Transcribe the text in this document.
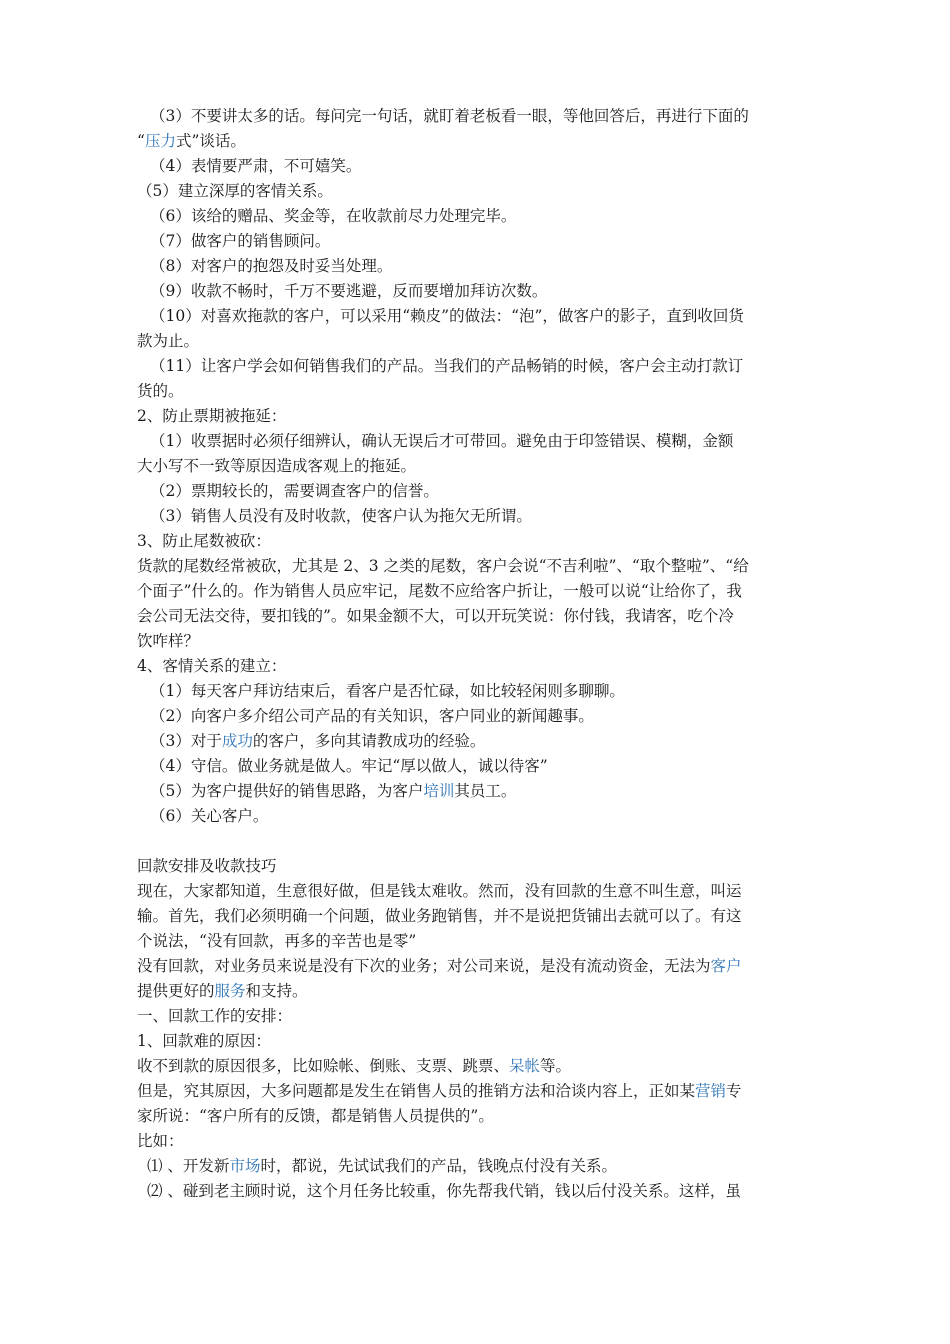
（3）不要讲太多的话。每问完一句话，就盯着老板看一眼，等他回答后，再进行下面的
“压力式”谈话。
（4）表情要严肃，不可嬉笑。
（5）建立深厚的客情关系。
（6）该给的赠品、奖金等，在收款前尽力处理完毕。
（7）做客户的销售顾问。
（8）对客户的抱怨及时妥当处理。
（9）收款不畅时，千万不要逃避，反而要增加拜访次数。
（10）对喜欢拖款的客户，可以采用“赖皮”的做法：“泡”，做客户的影子，直到收回货
款为止。
（11）让客户学会如何销售我们的产品。当我们的产品畅销的时候，客户会主动打款订
货的。
2、防止票期被拖延：
（1）收票据时必须仔细辨认，确认无误后才可带回。避免由于印签错误、模糊，金额
大小写不一致等原因造成客观上的拖延。
（2）票期较长的，需要调查客户的信誉。
（3）销售人员没有及时收款，使客户认为拖欠无所谓。
3、防止尾数被砍：
货款的尾数经常被砍，尤其是 2、3 之类的尾数，客户会说“不吉利啦”、“取个整啦”、“给
个面子”什么的。作为销售人员应牢记，尾数不应给客户折让，一般可以说“让给你了，我
会公司无法交待，要扣钱的”。如果金额不大，可以开玩笑说：你付钱，我请客，吃个冷
饮咋样？
4、客情关系的建立：
（1）每天客户拜访结束后，看客户是否忙碌，如比较轻闲则多聊聊。
（2）向客户多介绍公司产品的有关知识，客户同业的新闻趣事。
（3）对于成功的客户，多向其请教成功的经验。
（4）守信。做业务就是做人。牢记“厚以做人，诚以待客”
（5）为客户提供好的销售思路，为客户培训其员工。
（6）关心客户。
回款安排及收款技巧
现在，大家都知道，生意很好做，但是钱太难收。然而，没有回款的生意不叫生意，叫运
输。首先，我们必须明确一个问题，做业务跑销售，并不是说把货铺出去就可以了。有这
个说法，“没有回款，再多的辛苦也是零”
没有回款，对业务员来说是没有下次的业务；对公司来说，是没有流动资金，无法为客户
提供更好的服务和支持。
一、回款工作的安排：
1、回款难的原因：
收不到款的原因很多，比如赊帐、倒账、支票、跳票、呆帐等。
但是，究其原因，大多问题都是发生在销售人员的推销方法和洽谈内容上，正如某营销专
家所说：“客户所有的反馈，都是销售人员提供的”。
比如：
⑴ 、开发新市场时，都说，先试试我们的产品，钱晚点付没有关系。
⑵ 、碰到老主顾时说，这个月任务比较重，你先帮我代销，钱以后付没关系。这样，虽
